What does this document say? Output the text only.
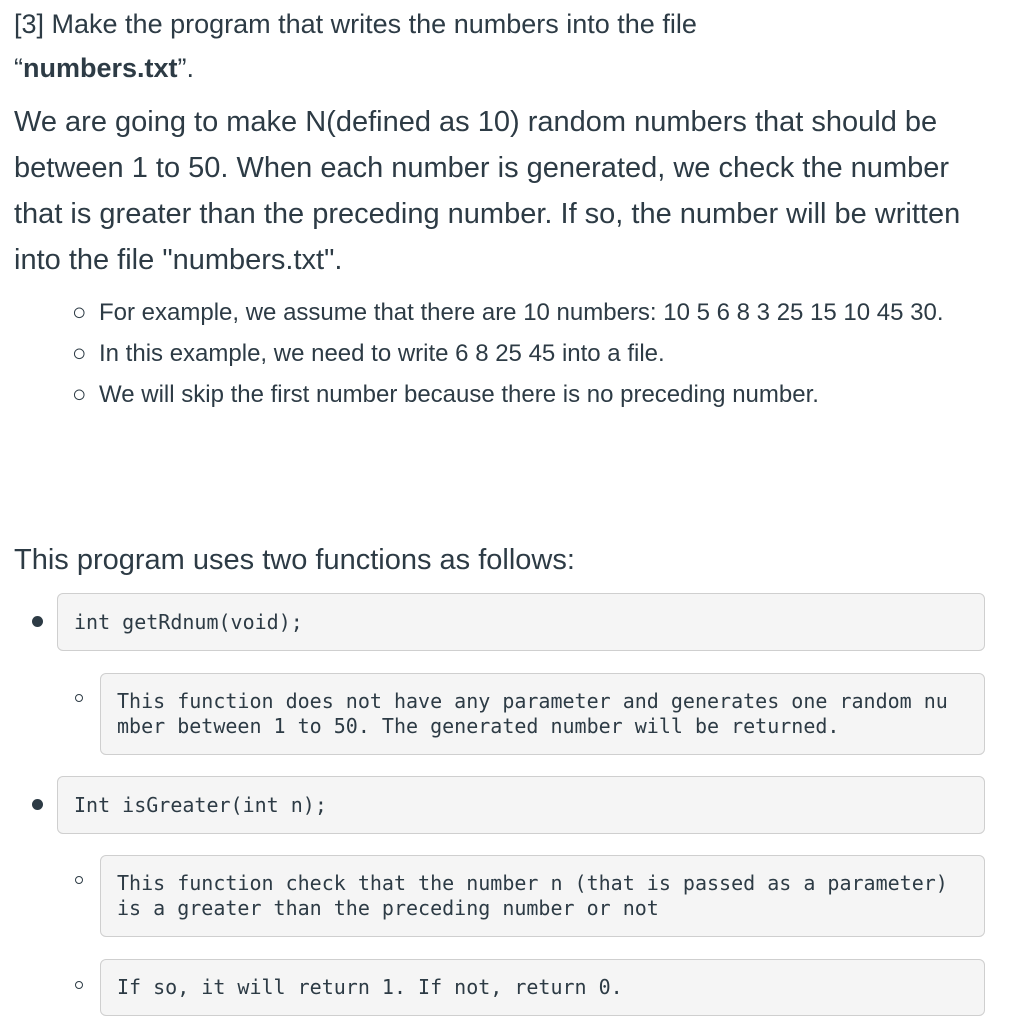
[3] Make the program that writes the numbers into the file
“numbers.txt”.
We are going to make N(defined as 10) random numbers that should be between 1 to 50. When each number is generated, we check the number that is greater than the preceding number. If so, the number will be written into the file "numbers.txt".
○ For example, we assume that there are 10 numbers: 10 5 6 8 3 25 15 10 45 30.
○ In this example, we need to write 6 8 25 45 into a file.
○ We will skip the first number because there is no preceding number.
This program uses two functions as follows:
int getRdnum(void);
This function does not have any parameter and generates one random nu
mber between 1 to 50. The generated number will be returned.
Int isGreater(int n);
This function check that the number n (that is passed as a parameter)
is a greater than the preceding number or not
If so, it will return 1. If not, return 0.
